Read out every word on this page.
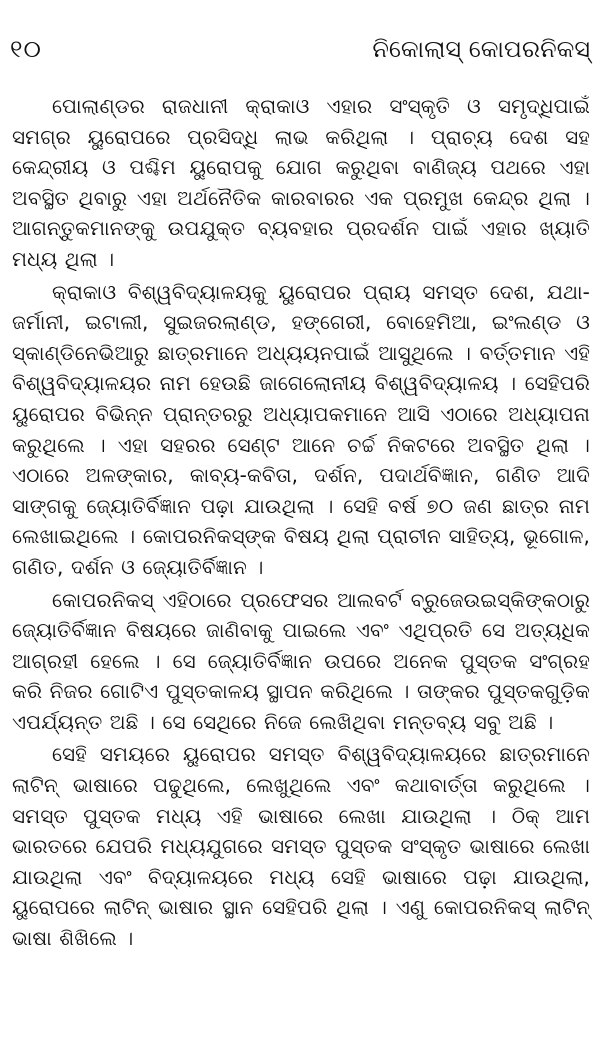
୧୦	ନିକୋଲାସ୍ କୋପରନିକସ୍

ପୋଲାଣ୍ଡର ରାଜଧାନୀ କ୍ରାକାଓ ଏହାର ସଂସ୍କୃତି ଓ ସମୃଦ୍ଧିପାଇଁ ସମଗ୍ର ୟୁରୋପରେ ପ୍ରସିଦ୍ଧି ଲାଭ କରିଥିଲା । ପ୍ରାଚ୍ୟ ଦେଶ ସହ କେନ୍ଦ୍ରୀୟ ଓ ପଶ୍ଚିମ ୟୁରୋପକୁ ଯୋଗ କରୁଥିବା ବାଣିଜ୍ୟ ପଥରେ ଏହା ଅବସ୍ଥିତ ଥିବାରୁ ଏହା ଅର୍ଥନୈତିକ କାରବାରର ଏକ ପ୍ରମୁଖ କେନ୍ଦ୍ର ଥିଲା । ଆଗନ୍ତୁକମାନଙ୍କୁ ଉପଯୁକ୍ତ ବ୍ୟବହାର ପ୍ରଦର୍ଶନ ପାଇଁ ଏହାର ଖ୍ୟାତି ମଧ୍ୟ ଥିଲା ।

କ୍ରାକାଓ ବିଶ୍ୱବିଦ୍ୟାଳୟକୁ ୟୁରୋପର ପ୍ରାୟ ସମସ୍ତ ଦେଶ, ଯଥା- ଜର୍ମାନୀ, ଇଟାଲୀ, ସୁଇଜରଲାଣ୍ଡ, ହଙ୍ଗେରୀ, ବୋହେମିଆ, ଇଂଲଣ୍ଡ ଓ ସ୍କାଣ୍ଡିନେଭିଆରୁ ଛାତ୍ରମାନେ ଅଧ୍ୟୟନପାଇଁ ଆସୁଥିଲେ । ବର୍ତ୍ତମାନ ଏହି ବିଶ୍ୱବିଦ୍ୟାଳୟର ନାମ ହେଉଛି ଜାଗେଲୋନୀୟ ବିଶ୍ୱବିଦ୍ୟାଳୟ । ସେହିପରି ୟୁରୋପର ବିଭିନ୍ନ ପ୍ରାନ୍ତରରୁ ଅଧ୍ୟାପକମାନେ ଆସି ଏଠାରେ ଅଧ୍ୟାପନା କରୁଥିଲେ । ଏହା ସହରର ସେଣ୍ଟ ଆନେ ଚର୍ଚ୍ଚ ନିକଟରେ ଅବସ୍ଥିତ ଥିଲା । ଏଠାରେ ଅଳଙ୍କାର, କାବ୍ୟ-କବିତା, ଦର୍ଶନ, ପଦାର୍ଥବିଜ୍ଞାନ, ଗଣିତ ଆଦି ସାଙ୍ଗକୁ ଜ୍ୟୋତିର୍ବିଜ୍ଞାନ ପଢ଼ା ଯାଉଥିଲା । ସେହି ବର୍ଷ ୭୦ ଜଣ ଛାତ୍ର ନାମ ଲେଖାଇଥିଲେ । କୋପରନିକସ୍‌ଙ୍କ ବିଷୟ ଥିଲା ପ୍ରାଚୀନ ସାହିତ୍ୟ, ଭୂଗୋଳ, ଗଣିତ, ଦର୍ଶନ ଓ ଜ୍ୟୋତିର୍ବିଜ୍ଞାନ ।

କୋପରନିକସ୍ ଏହିଠାରେ ପ୍ରଫେସର ଆଲବର୍ଟ ବ୍ରୁଜେଉଇସ୍କିଙ୍କଠାରୁ ଜ୍ୟୋତିର୍ବିଜ୍ଞାନ ବିଷୟରେ ଜାଣିବାକୁ ପାଇଲେ ଏବଂ ଏଥିପ୍ରତି ସେ ଅତ୍ୟଧିକ ଆଗ୍ରହୀ ହେଲେ । ସେ ଜ୍ୟୋତିର୍ବିଜ୍ଞାନ ଉପରେ ଅନେକ ପୁସ୍ତକ ସଂଗ୍ରହ କରି ନିଜର ଗୋଟିଏ ପୁସ୍ତକାଳୟ ସ୍ଥାପନ କରିଥିଲେ । ତାଙ୍କର ପୁସ୍ତକଗୁଡ଼ିକ ଏପର୍ଯ୍ୟନ୍ତ ଅଛି । ସେ ସେଥିରେ ନିଜେ ଲେଖିଥିବା ମନ୍ତବ୍ୟ ସବୁ ଅଛି ।

ସେହି ସମୟରେ ୟୁରୋପର ସମସ୍ତ ବିଶ୍ୱବିଦ୍ୟାଳୟରେ ଛାତ୍ରମାନେ ଲାଟିନ୍ ଭାଷାରେ ପଢୁଥିଲେ, ଲେଖୁଥିଲେ ଏବଂ କଥାବାର୍ତ୍ତା କରୁଥିଲେ । ସମସ୍ତ ପୁସ୍ତକ ମଧ୍ୟ ଏହି ଭାଷାରେ ଲେଖା ଯାଉଥିଲା । ଠିକ୍ ଆମ ଭାରତରେ ଯେପରି ମଧ୍ୟଯୁଗରେ ସମସ୍ତ ପୁସ୍ତକ ସଂସ୍କୃତ ଭାଷାରେ ଲେଖା ଯାଉଥିଲା ଏବଂ ବିଦ୍ୟାଳୟରେ ମଧ୍ୟ ସେହି ଭାଷାରେ ପଢ଼ା ଯାଉଥିଲା, ୟୁରୋପରେ ଲାଟିନ୍ ଭାଷାର ସ୍ଥାନ ସେହିପରି ଥିଲା । ଏଣୁ କୋପରନିକସ୍ ଲାଟିନ୍ ଭାଷା ଶିଖିଲେ ।
